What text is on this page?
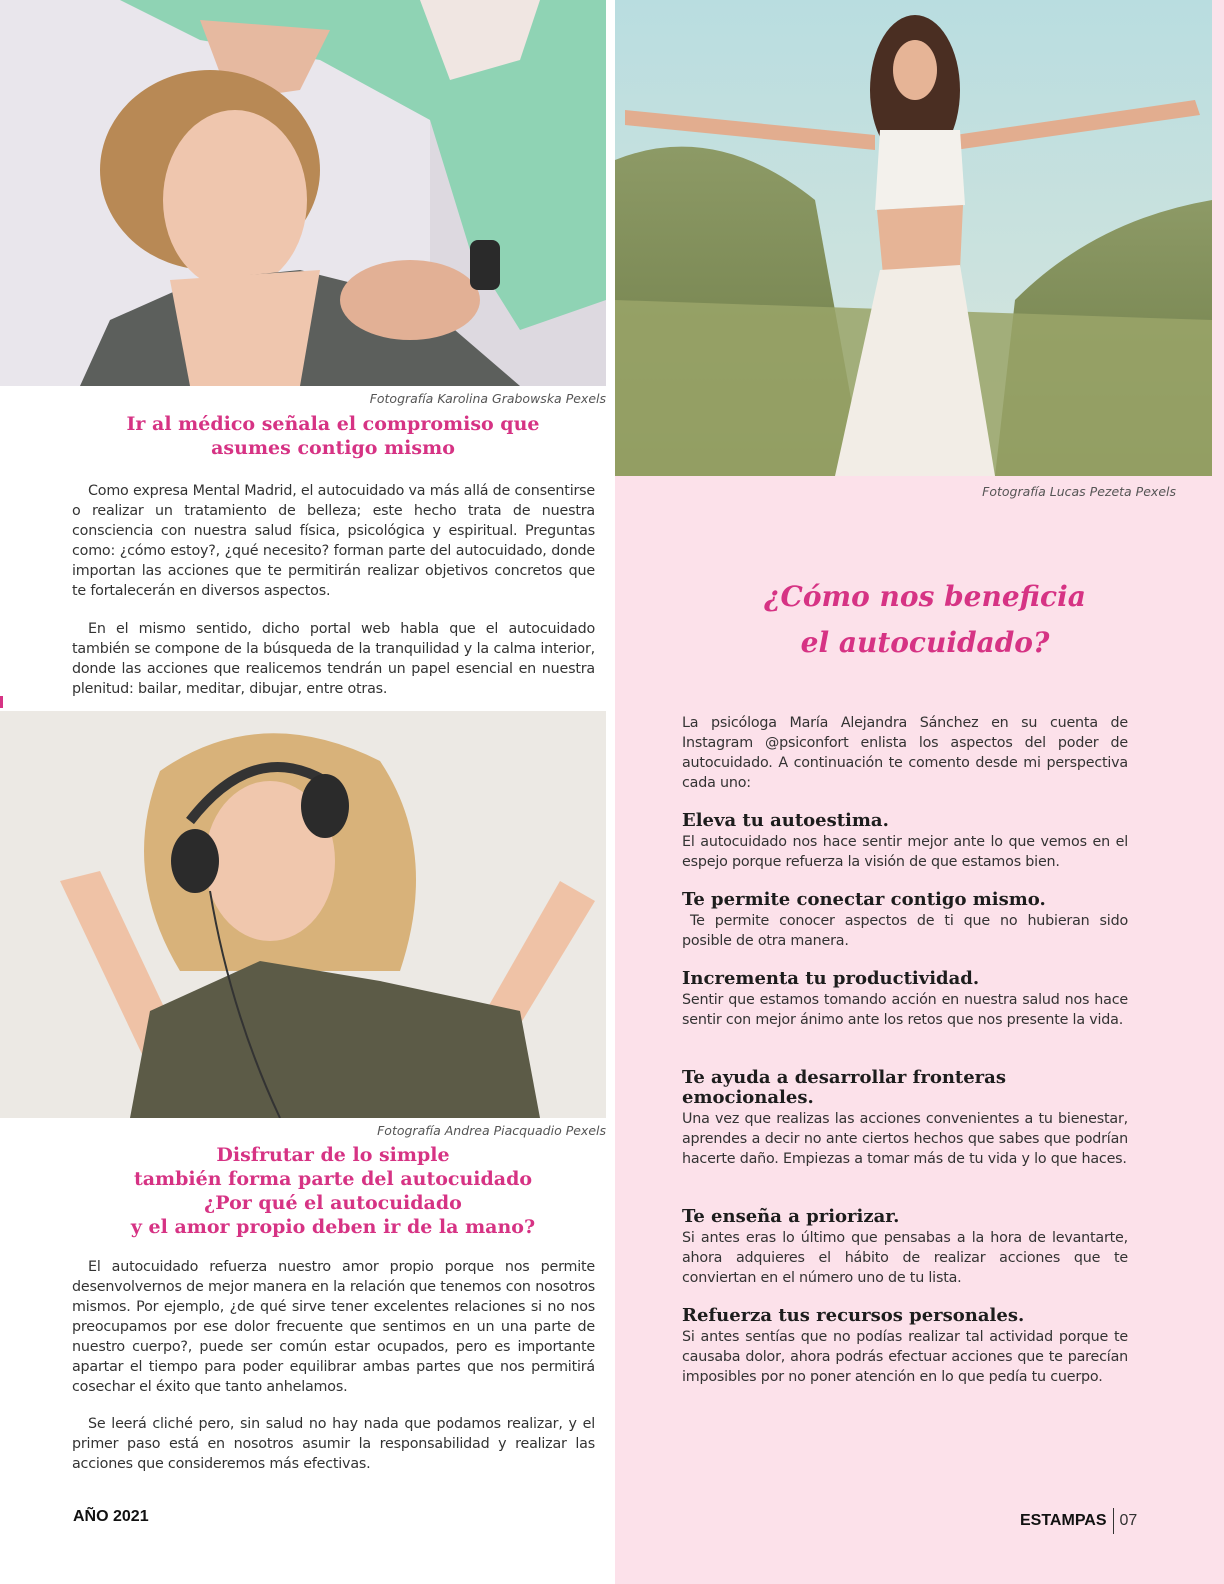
Fotografía Karolina Grabowska Pexels
Fotografía Lucas Pezeta Pexels
Ir al médico señala el compromiso que
asumes contigo mismo
Como expresa Mental Madrid, el autocuidado va más allá de consentirse o realizar un tratamiento de belleza; este hecho trata de nuestra consciencia con nuestra salud física, psicológica y espiritual. Preguntas como: ¿cómo estoy?, ¿qué necesito? forman parte del autocuidado, donde importan las acciones que te permitirán realizar objetivos concretos que te fortalecerán en diversos aspectos.
En el mismo sentido, dicho portal web habla que el autocuidado también se compone de la búsqueda de la tranquilidad y la calma interior, donde las acciones que realicemos tendrán un papel esencial en nuestra plenitud: bailar, meditar, dibujar, entre otras.
Fotografía Andrea Piacquadio Pexels
Disfrutar de lo simple
también forma parte del autocuidado
¿Por qué el autocuidado
y el amor propio deben ir de la mano?
El autocuidado refuerza nuestro amor propio porque nos permite desenvolvernos de mejor manera en la relación que tenemos con nosotros mismos. Por ejemplo, ¿de qué sirve tener excelentes relaciones si no nos preocupamos por ese dolor frecuente que sentimos en un una parte de nuestro cuerpo?, puede ser común estar ocupados, pero es importante apartar el tiempo para poder equilibrar ambas partes que nos permitirá cosechar el éxito que tanto anhelamos.
Se leerá cliché pero, sin salud no hay nada que podamos realizar, y el primer paso está en nosotros asumir la responsabilidad y realizar las acciones que consideremos más efectivas.
¿Cómo nos beneficia
el autocuidado?
La psicóloga María Alejandra Sánchez en su cuenta de Instagram @psiconfort enlista los aspectos del poder de autocuidado. A continuación te comento desde mi perspectiva cada uno:
Eleva tu autoestima.
El autocuidado nos hace sentir mejor ante lo que vemos en el espejo porque refuerza la visión de que estamos bien.
Te permite conectar contigo mismo.
Te permite conocer aspectos de ti que no hubieran sido posible de otra manera.
Incrementa tu productividad.
Sentir que estamos tomando acción en nuestra salud nos hace sentir con mejor ánimo ante los retos que nos presente la vida.
Te ayuda a desarrollar fronteras emocionales.
Una vez que realizas las acciones convenientes a tu bienestar, aprendes a decir no ante ciertos hechos que sabes que podrían hacerte daño. Empiezas a tomar más de tu vida y lo que haces.
Te enseña a priorizar.
Si antes eras lo último que pensabas a la hora de levantarte, ahora adquieres el hábito de realizar acciones que te conviertan en el número uno de tu lista.
Refuerza tus recursos personales.
Si antes sentías que no podías realizar tal actividad porque te causaba dolor, ahora podrás efectuar acciones que te parecían imposibles por no poner atención en lo que pedía tu cuerpo.
AÑO 2021	ESTAMPAS 07
